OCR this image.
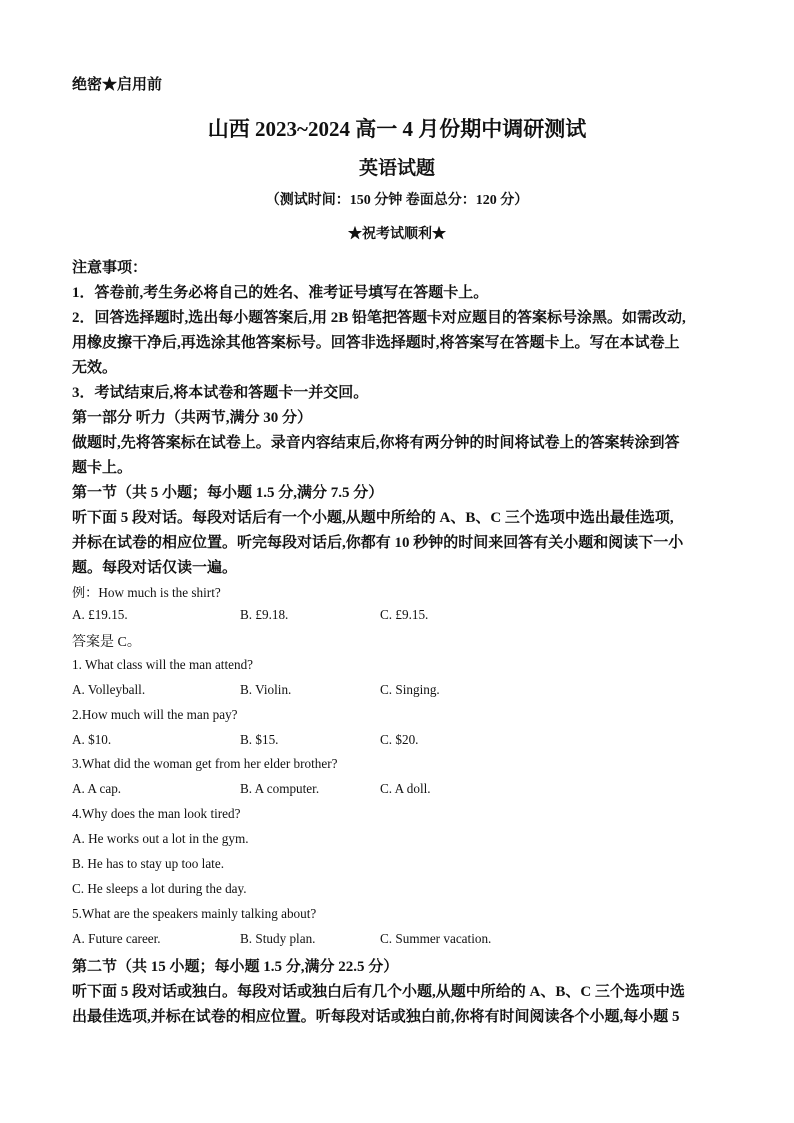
绝密★启用前
山西 2023~2024 高一 4 月份期中调研测试
英语试题
（测试时间：150 分钟 卷面总分：120 分）
★祝考试顺利★
注意事项：
1．答卷前,考生务必将自己的姓名、准考证号填写在答题卡上。
2．回答选择题时,选出每小题答案后,用 2B 铅笔把答题卡对应题目的答案标号涂黑。如需改动,
用橡皮擦干净后,再选涂其他答案标号。回答非选择题时,将答案写在答题卡上。写在本试卷上
无效。
3．考试结束后,将本试卷和答题卡一并交回。
第一部分 听力（共两节,满分 30 分）
做题时,先将答案标在试卷上。录音内容结束后,你将有两分钟的时间将试卷上的答案转涂到答
题卡上。
第一节（共 5 小题；每小题 1.5 分,满分 7.5 分）
听下面 5 段对话。每段对话后有一个小题,从题中所给的 A、B、C 三个选项中选出最佳选项,
并标在试卷的相应位置。听完每段对话后,你都有 10 秒钟的时间来回答有关小题和阅读下一小
题。每段对话仅读一遍。
例：How much is the shirt?
A. £19.15.	B. £9.18.	C. £9.15.
答案是 C。
1. What class will the man attend?
A. Volleyball.	B. Violin.	C. Singing.
2.How much will the man pay?
A. $10.	B. $15.	C. $20.
3.What did the woman get from her elder brother?
A. A cap.	B. A computer.	C. A doll.
4.Why does the man look tired?
A. He works out a lot in the gym.
B. He has to stay up too late.
C. He sleeps a lot during the day.
5.What are the speakers mainly talking about?
A. Future career.	B. Study plan.	C. Summer vacation.
第二节（共 15 小题；每小题 1.5 分,满分 22.5 分）
听下面 5 段对话或独白。每段对话或独白后有几个小题,从题中所给的 A、B、C 三个选项中选
出最佳选项,并标在试卷的相应位置。听每段对话或独白前,你将有时间阅读各个小题,每小题 5
